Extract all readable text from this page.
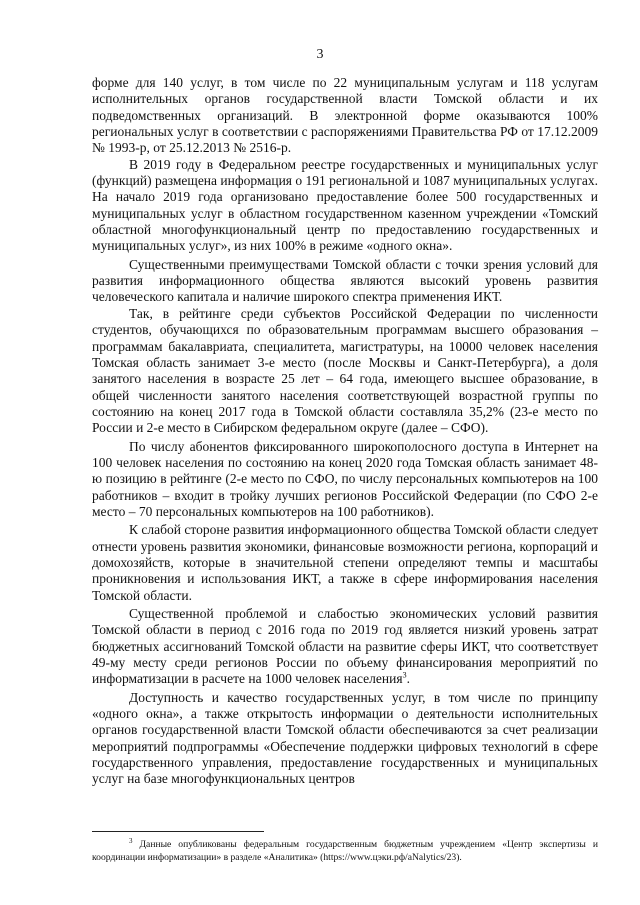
3

форме для 140 услуг, в том числе по 22 муниципальным услугам и 118 услугам исполнительных органов государственной власти Томской области и их подведомственных организаций. В электронной форме оказываются 100% региональных услуг в соответствии с распоряжениями Правительства РФ от 17.12.2009 № 1993-р, от 25.12.2013 № 2516-р.

В 2019 году в Федеральном реестре государственных и муниципальных услуг (функций) размещена информация о 191 региональной и 1087 муниципальных услугах. На начало 2019 года организовано предоставление более 500 государственных и муниципальных услуг в областном государственном казенном учреждении «Томский областной многофункциональный центр по предоставлению государственных и муниципальных услуг», из них 100% в режиме «одного окна».

Существенными преимуществами Томской области с точки зрения условий для развития информационного общества являются высокий уровень развития человеческого капитала и наличие широкого спектра применения ИКТ.

Так, в рейтинге среди субъектов Российской Федерации по численности студентов, обучающихся по образовательным программам высшего образования – программам бакалавриата, специалитета, магистратуры, на 10000 человек населения Томская область занимает 3-е место (после Москвы и Санкт-Петербурга), а доля занятого населения в возрасте 25 лет – 64 года, имеющего высшее образование, в общей численности занятого населения соответствующей возрастной группы по состоянию на конец 2017 года в Томской области составляла 35,2% (23-е место по России и 2-е место в Сибирском федеральном округе (далее – СФО).

По числу абонентов фиксированного широкополосного доступа в Интернет на 100 человек населения по состоянию на конец 2020 года Томская область занимает 48-ю позицию в рейтинге (2-е место по СФО, по числу персональных компьютеров на 100 работников – входит в тройку лучших регионов Российской Федерации (по СФО 2-е место – 70 персональных компьютеров на 100 работников).

К слабой стороне развития информационного общества Томской области следует отнести уровень развития экономики, финансовые возможности региона, корпораций и домохозяйств, которые в значительной степени определяют темпы и масштабы проникновения и использования ИКТ, а также в сфере информирования населения Томской области.

Существенной проблемой и слабостью экономических условий развития Томской области в период с 2016 года по 2019 год является низкий уровень затрат бюджетных ассигнований Томской области на развитие сферы ИКТ, что соответствует 49-му месту среди регионов России по объему финансирования мероприятий по информатизации в расчете на 1000 человек населения$^3$.

Доступность и качество государственных услуг, в том числе по принципу «одного окна», а также открытость информации о деятельности исполнительных органов государственной власти Томской области обеспечиваются за счет реализации мероприятий подпрограммы «Обеспечение поддержки цифровых технологий в сфере государственного управления, предоставление государственных и муниципальных услуг на базе многофункциональных центров

$^3$ Данные опубликованы федеральным государственным бюджетным учреждением «Центр экспертизы и координации информатизации» в разделе «Аналитика» (https://www.цэки.рф/aNalytics/23).
